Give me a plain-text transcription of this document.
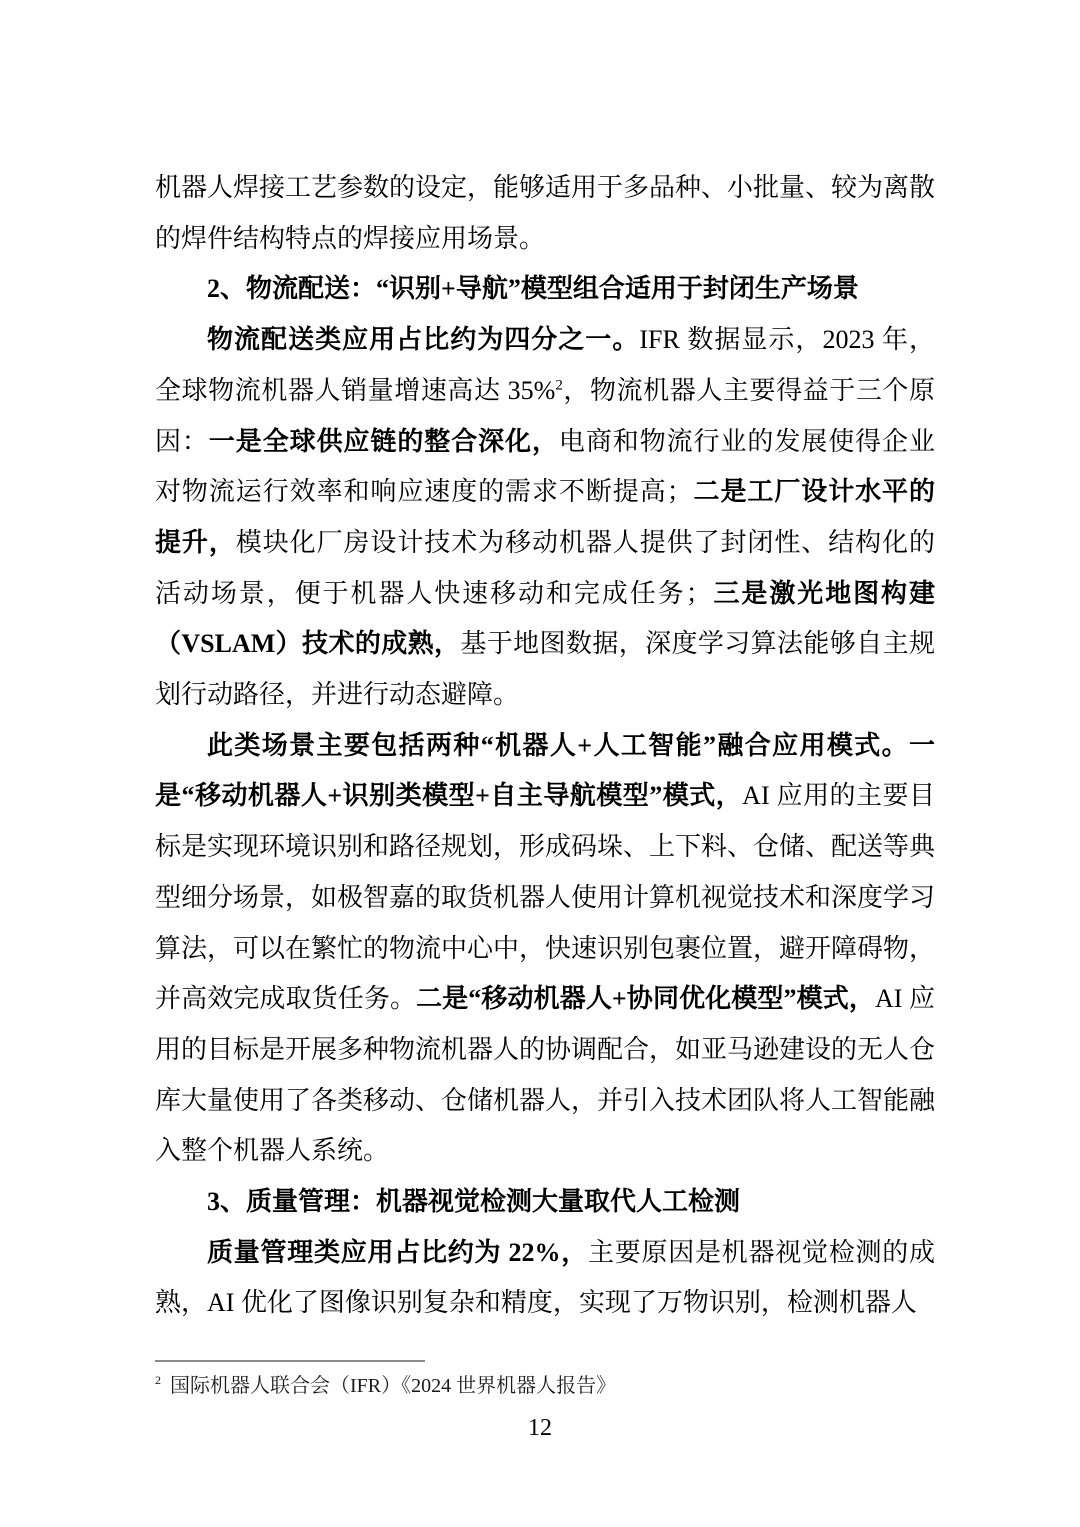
机器人焊接工艺参数的设定，能够适用于多品种、小批量、较为离散的焊件结构特点的焊接应用场景。

2、物流配送：“识别+导航”模型组合适用于封闭生产场景

物流配送类应用占比约为四分之一。IFR 数据显示，2023 年，全球物流机器人销量增速高达 35%$^2$，物流机器人主要得益于三个原因：一是全球供应链的整合深化，电商和物流行业的发展使得企业对物流运行效率和响应速度的需求不断提高；二是工厂设计水平的提升，模块化厂房设计技术为移动机器人提供了封闭性、结构化的活动场景，便于机器人快速移动和完成任务；三是激光地图构建（VSLAM）技术的成熟，基于地图数据，深度学习算法能够自主规划行动路径，并进行动态避障。

此类场景主要包括两种“机器人+人工智能”融合应用模式。一是“移动机器人+识别类模型+自主导航模型”模式，AI 应用的主要目标是实现环境识别和路径规划，形成码垛、上下料、仓储、配送等典型细分场景，如极智嘉的取货机器人使用计算机视觉技术和深度学习算法，可以在繁忙的物流中心中，快速识别包裹位置，避开障碍物，并高效完成取货任务。二是“移动机器人+协同优化模型”模式，AI 应用的目标是开展多种物流机器人的协调配合，如亚马逊建设的无人仓库大量使用了各类移动、仓储机器人，并引入技术团队将人工智能融入整个机器人系统。

3、质量管理：机器视觉检测大量取代人工检测

质量管理类应用占比约为 22%，主要原因是机器视觉检测的成熟，AI 优化了图像识别复杂和精度，实现了万物识别，检测机器人

$^2$ 国际机器人联合会（IFR）《2024 世界机器人报告》
12
